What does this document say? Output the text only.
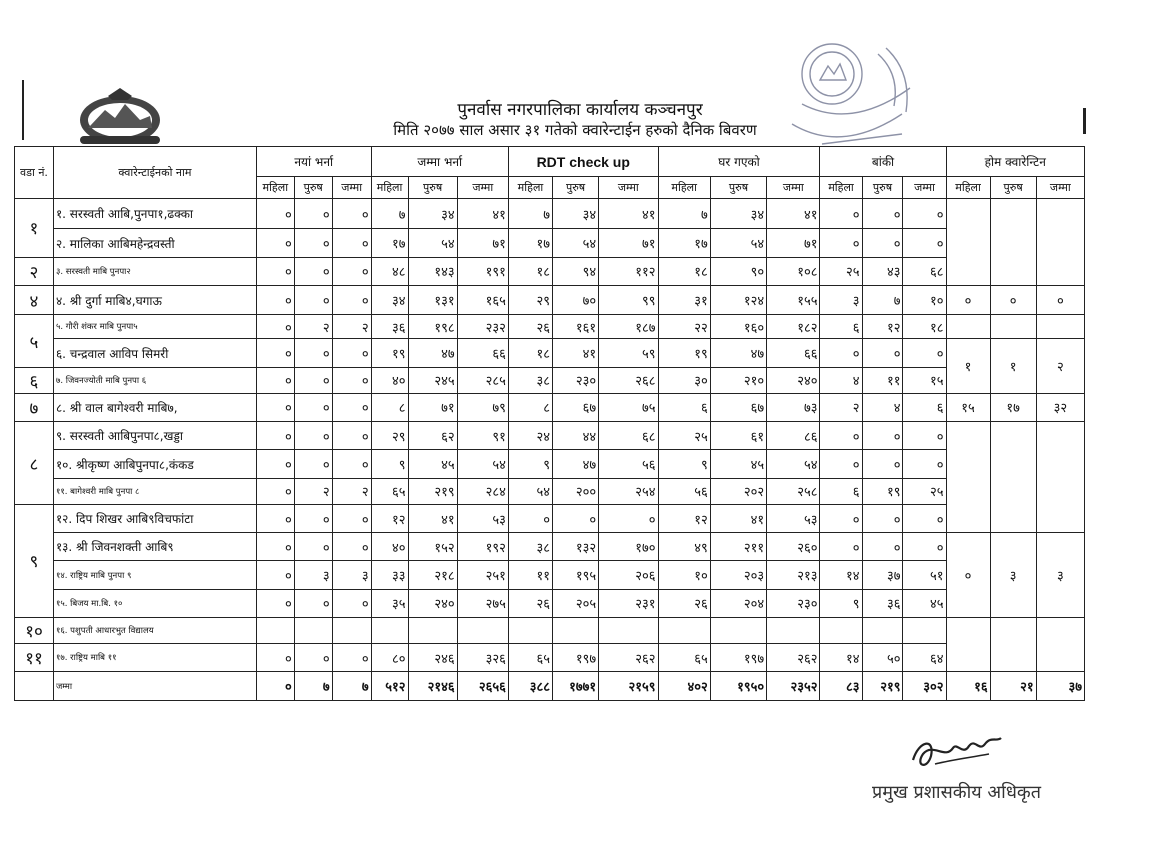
पुनर्वास नगरपालिका कार्यालय कञ्चनपुर
मिति २०७७ साल असार ३१ गतेको क्वारेन्टाईन हरुको दैनिक बिवरण
वडा नं.	क्वारेन्टाईनको नाम	नयां भर्ना			जम्मा भर्ना			RDT check up			घर गएको			बांकी			होम क्वारेन्टिन		
		महिला	पुरुष	जम्मा	महिला	पुरुष	जम्मा	महिला	पुरुष	जम्मा	महिला	पुरुष	जम्मा	महिला	पुरुष	जम्मा	महिला	पुरुष	जम्मा
१	१. सरस्वती आबि,पुनपा१,ढक्का	०	०	०	७	३४	४१	७	३४	४१	७	३४	४१	०	०	०			
	२. मालिका आबिमहेन्द्रवस्ती	०	०	०	१७	५४	७१	१७	५४	७१	१७	५४	७१	०	०	०			
२	३. सरस्वती माबि पुनपा२	०	०	०	४८	१४३	१९१	१८	९४	११२	१८	९०	१०८	२५	४३	६८			
४	४. श्री दुर्गा माबि४,घगाऊ	०	०	०	३४	१३१	१६५	२९	७०	९९	३१	१२४	१५५	३	७	१०	०	०	०
५	५. गौरी शंकर माबि पुनपा५	०	२	२	३६	१९८	२३२	२६	१६१	१८७	२२	१६०	१८२	६	१२	१८			
	६. चन्द्रवाल आविप सिमरी	०	०	०	१९	४७	६६	१८	४१	५९	१९	४७	६६	०	०	०	१	१	२
६	७. जिवनज्योती माबि पुनपा ६	०	०	०	४०	२४५	२८५	३८	२३०	२६८	३०	२१०	२४०	४	११	१५			
७	८. श्री वाल बागेश्वरी माबि७,	०	०	०	८	७१	७९	८	६७	७५	६	६७	७३	२	४	६	१५	१७	३२
८	९. सरस्वती आबिपुनपा८,खड्डा	०	०	०	२९	६२	९१	२४	४४	६८	२५	६१	८६	०	०	०			
	१०. श्रीकृष्ण आबिपुनपा८,कंकड	०	०	०	९	४५	५४	९	४७	५६	९	४५	५४	०	०	०			
	११. बागेश्वरी माबि पुनपा ८	०	२	२	६५	२१९	२८४	५४	२००	२५४	५६	२०२	२५८	६	१९	२५			
९	१२. दिप शिखर आबि९विचफांटा	०	०	०	१२	४१	५३	०	०	०	१२	४१	५३	०	०	०			
	१३. श्री जिवनशक्ती आबि९	०	०	०	४०	१५२	१९२	३८	१३२	१७०	४९	२११	२६०	०	०	०	०	३	३
	१४. राष्ट्रिय माबि पुनपा ९	०	३	३	३३	२१८	२५१	११	१९५	२०६	१०	२०३	२१३	१४	३७	५१			
	१५. बिजय मा.बि. १०	०	०	०	३५	२४०	२७५	२६	२०५	२३१	२६	२०४	२३०	९	३६	४५			
१०	१६. पशुपती आधारभुत विद्यालय																		
११	१७. राष्ट्रिय माबि ११	०	०	०	८०	२४६	३२६	६५	१९७	२६२	६५	१९७	२६२	१४	५०	६४			
	जम्मा	०	७	७	५१२	२१४६	२६५६	३८८	१७७१	२१५९	४०२	१९५०	२३५२	८३	२१९	३०२	१६	२१	३७
प्रमुख प्रशासकीय अधिकृत
